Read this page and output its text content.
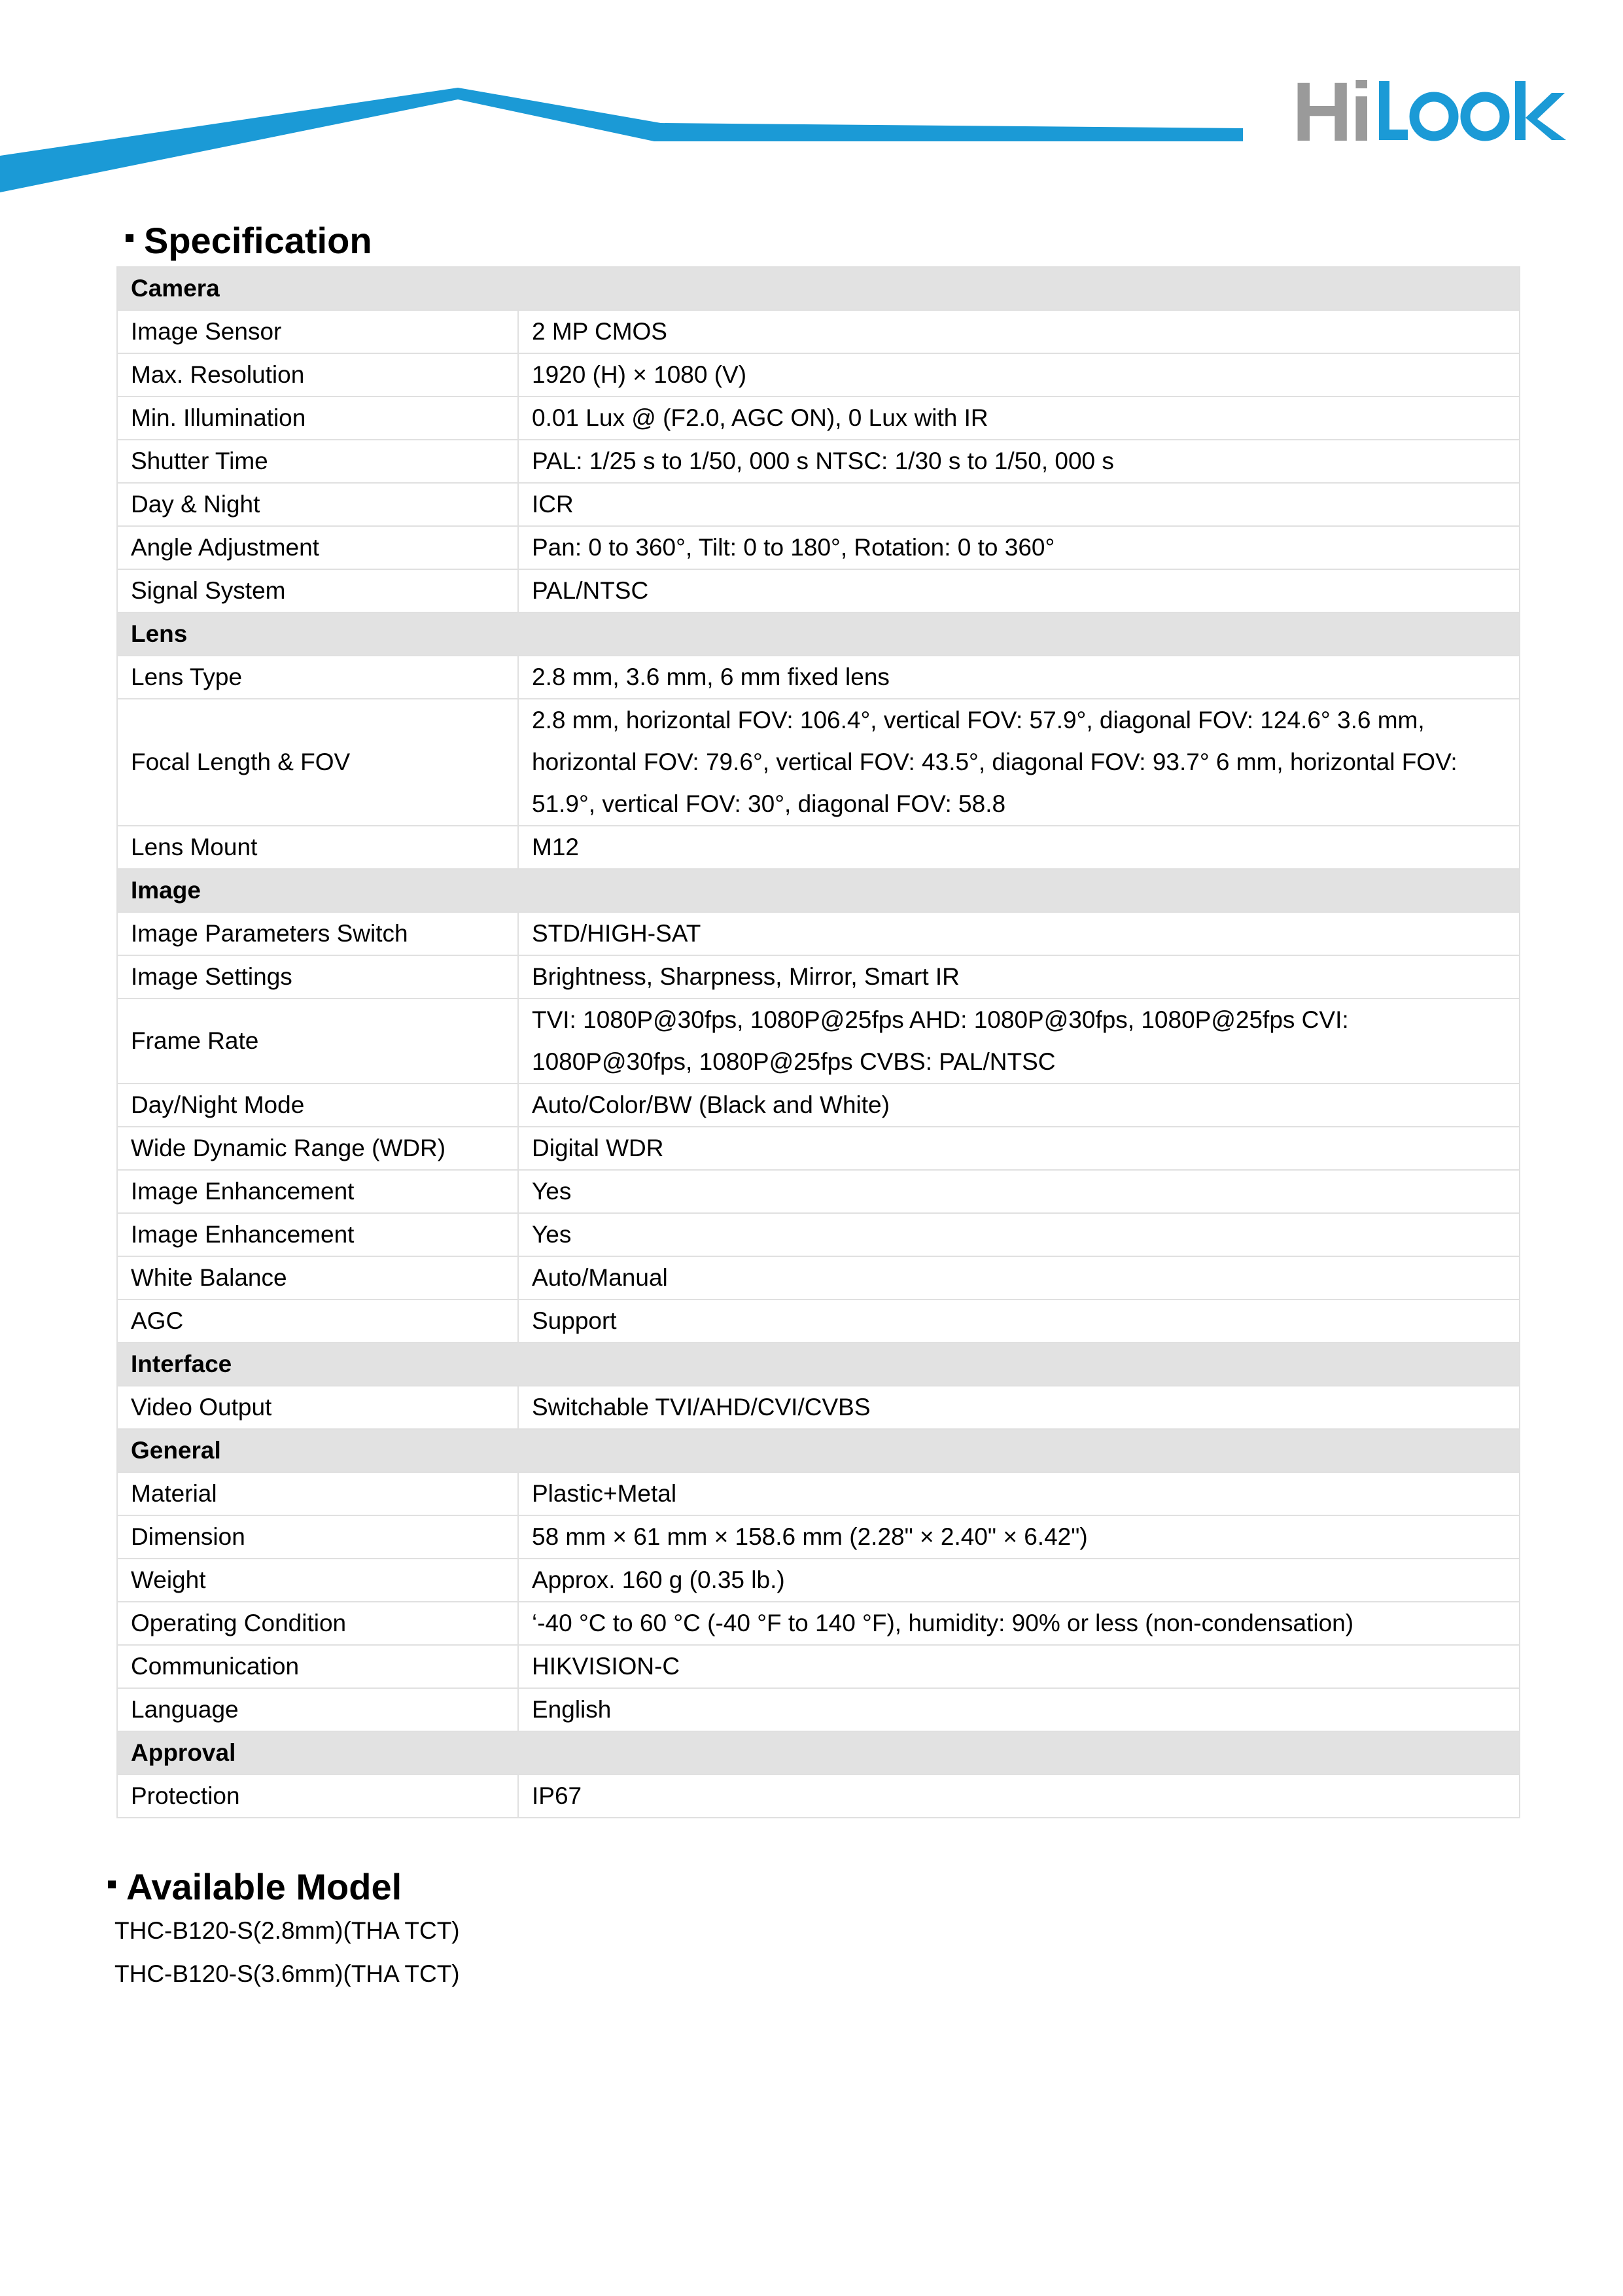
Hi
Specification
Camera	
Image Sensor	2 MP CMOS
Max. Resolution	1920 (H) × 1080 (V)
Min. Illumination	0.01 Lux @ (F2.0, AGC ON), 0 Lux with IR
Shutter Time	PAL: 1/25 s to 1/50, 000 s NTSC: 1/30 s to 1/50, 000 s
Day & Night	ICR
Angle Adjustment	Pan: 0 to 360°, Tilt: 0 to 180°, Rotation: 0 to 360°
Signal System	PAL/NTSC
Lens	
Lens Type	2.8 mm, 3.6 mm, 6 mm fixed lens
Focal Length & FOV	2.8 mm, horizontal FOV: 106.4°, vertical FOV: 57.9°, diagonal FOV: 124.6° 3.6 mm, horizontal FOV: 79.6°, vertical FOV: 43.5°, diagonal FOV: 93.7° 6 mm, horizontal FOV: 51.9°, vertical FOV: 30°, diagonal FOV: 58.8
Lens Mount	M12
Image	
Image Parameters Switch	STD/HIGH-SAT
Image Settings	Brightness, Sharpness, Mirror, Smart IR
Frame Rate	TVI: 1080P@30fps, 1080P@25fps AHD: 1080P@30fps, 1080P@25fps CVI: 1080P@30fps, 1080P@25fps CVBS: PAL/NTSC
Day/Night Mode	Auto/Color/BW (Black and White)
Wide Dynamic Range (WDR)	Digital WDR
Image Enhancement	Yes
Image Enhancement	Yes
White Balance	Auto/Manual
AGC	Support
Interface	
Video Output	Switchable TVI/AHD/CVI/CVBS
General	
Material	Plastic+Metal
Dimension	58 mm × 61 mm × 158.6 mm (2.28" × 2.40" × 6.42")
Weight	Approx. 160 g (0.35 lb.)
Operating Condition	‘-40 °C to 60 °C (-40 °F to 140 °F), humidity: 90% or less (non-condensation)
Communication	HIKVISION-C
Language	English
Approval	
Protection	IP67
Available Model
THC-B120-S(2.8mm)(THA TCT)
THC-B120-S(3.6mm)(THA TCT)
